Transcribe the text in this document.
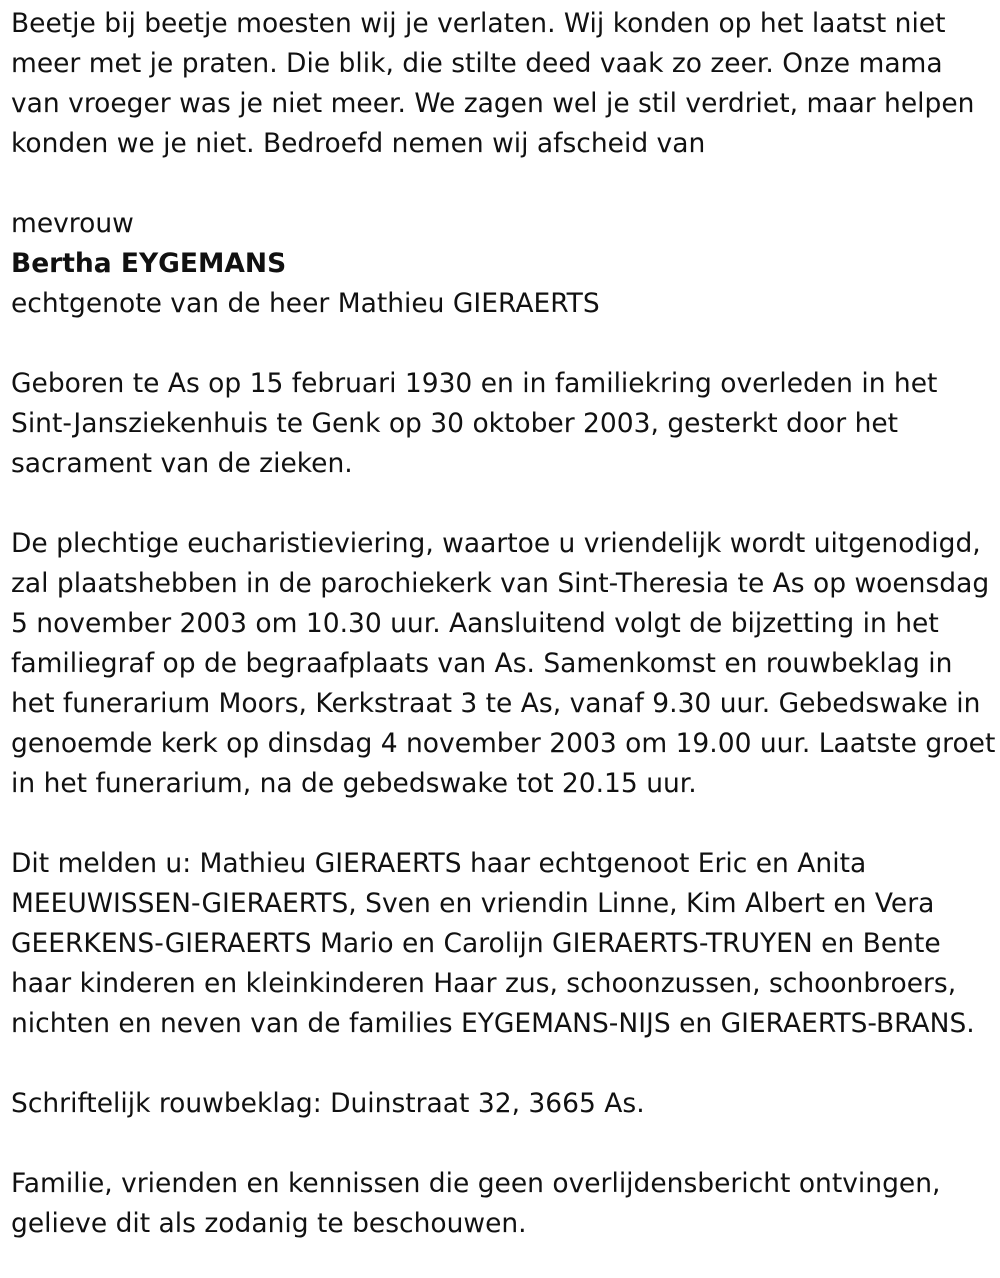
Beetje bij beetje moesten wij je verlaten. Wij konden op het laatst niet meer met je praten. Die blik, die stilte deed vaak zo zeer. Onze mama van vroeger was je niet meer. We zagen wel je stil verdriet, maar helpen konden we je niet. Bedroefd nemen wij afscheid van

mevrouw

Bertha EYGEMANS

echtgenote van de heer Mathieu GIERAERTS

Geboren te As op 15 februari 1930 en in familiekring overleden in het Sint-Jansziekenhuis te Genk op 30 oktober 2003, gesterkt door het sacrament van de zieken.

De plechtige eucharistieviering, waartoe u vriendelijk wordt uitgenodigd, zal plaatshebben in de parochiekerk van Sint-Theresia te As op woensdag 5 november 2003 om 10.30 uur. Aansluitend volgt de bijzetting in het familiegraf op de begraafplaats van As. Samenkomst en rouwbeklag in het funerarium Moors, Kerkstraat 3 te As, vanaf 9.30 uur. Gebedswake in genoemde kerk op dinsdag 4 november 2003 om 19.00 uur. Laatste groet in het funerarium, na de gebedswake tot 20.15 uur.

Dit melden u: Mathieu GIERAERTS haar echtgenoot Eric en Anita MEEUWISSEN-GIERAERTS, Sven en vriendin Linne, Kim Albert en Vera GEERKENS-GIERAERTS Mario en Carolijn GIERAERTS-TRUYEN en Bente haar kinderen en kleinkinderen Haar zus, schoonzussen, schoonbroers, nichten en neven van de families EYGEMANS-NIJS en GIERAERTS-BRANS.

Schriftelijk rouwbeklag: Duinstraat 32, 3665 As.

Familie, vrienden en kennissen die geen overlijdensbericht ontvingen, gelieve dit als zodanig te beschouwen.
